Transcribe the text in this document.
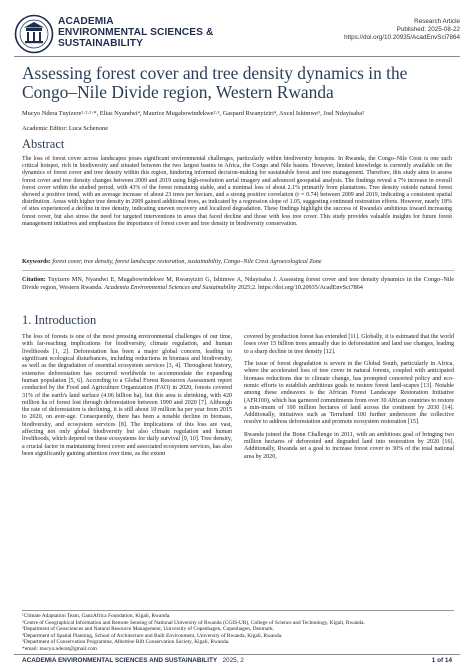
ACADEMIA
ENVIRONMENTAL SCIENCES &
SUSTAINABILITY
Research Article
Published: 2025-08-22
https://doi.org/10.20935/AcadEnvSci7864
Assessing forest cover and tree density dynamics in the Congo–Nile Divide region, Western Rwanda
Mucyo Ndera Tuyizere¹·²·³·*, Elias Nyandwi⁴, Maurice Mugabowindekwe²·³, Gaspard Rwanyiziri⁴, Axcel Ishimwe⁵, Joel Ndayisaba²
Academic Editor: Luca Schenone
Abstract
The loss of forest cover across landscapes poses significant environmental challenges, particularly within biodiversity hotspots. In Rwanda, the Congo–Nile Crest is one such critical hotspot, rich in biodiversity and situated between the two largest basins in Africa, the Congo and Nile basins. However, limited knowledge is currently available on the dynamics of forest cover and tree density within this region, hindering informed decision-making for sustainable forest and tree management. Therefore, this study aims to assess forest cover and tree density changes between 2009 and 2019 using high-resolution aerial imagery and advanced geospatial analysis. The findings reveal a 7% increase in overall forest cover within the studied period, with 43% of the forest remaining stable, and a minimal loss of about 2.1% primarily from plantations. Tree density outside natural forest showed a positive trend, with an average increase of about 23 trees per hectare, and a strong positive correlation (r = 0.74) between 2009 and 2019, indicating a consistent spatial distribution. Areas with higher tree density in 2009 gained additional trees, as indicated by a regression slope of 1.05, suggesting continued restoration efforts. However, nearly 18% of sites experienced a decline in tree density, indicating uneven recovery and localized degradation. These findings highlight the success of Rwanda's ambitious toward increasing forest cover, but also stress the need for targeted interventions in areas that faced decline and those with less tree cover. This study provides valuable insights for future forest management initiatives and emphasizes the importance of forest cover and tree density in biodiversity conservation.
Keywords: forest cover, tree density, forest landscape restoration, sustainability, Congo–Nile Crest Agroecological Zone
Citation: Tuyizere MN, Nyandwi E, Mugabowindekwe M, Rwanyiziri G, Ishimwe A, Ndayisaba J. Assessing forest cover and tree density dynamics in the Congo–Nile Divide region, Western Rwanda. Academia Environmental Sciences and Sustainability 2025;2. https://doi.org/10.20935/AcadEnvSci7864
1. Introduction

The loss of forests is one of the most pressing environmental challenges of our time, with far-reaching implications for biodiversity, climate regulation, and human livelihoods [1, 2]. Deforestation has been a major global concern, leading to significant ecological disturbances, including reductions in biomass and biodiversity, as well as the degradation of essential ecosystem services [3, 4]. Throughout history, extensive deforestation has occurred worldwide to accommodate the expanding human population [5, 6]. According to a Global Forest Resources Assessment report conducted by the Food and Agriculture Organization (FAO) in 2020, forests covered 31% of the earth's land surface (4.06 billion ha), but this area is shrinking, with 420 million ha of forest lost through deforestation between 1990 and 2020 [7]. Although the rate of deforestation is declining, it is still about 10 million ha per year from 2015 to 2020, on aver-age. Consequently, there has been a notable decline in biomass, biodiversity, and ecosystem services [8]. The implications of this loss are vast, affecting not only global biodiversity but also climate regulation and human livelihoods, which depend on these ecosystems for daily survival [9, 10]. Tree density, a crucial factor in maintaining forest cover and associated ecosystem services, has also been significantly gaining attention over time, as the extent

covered by production forest has extended [11]. Globally, it is estimated that the world loses over 15 billion trees annually due to deforestation and land use changes, leading to a sharp decline in tree density [12].

The issue of forest degradation is severe in the Global South, particularly in Africa, where the accelerated loss of tree cover in natural forests, coupled with anticipated biomass reductions due to climate change, has prompted concerted policy and eco-nomic efforts to establish ambitious goals to restore forest land-scapes [13]. Notable among these endeavors is the African Forest Landscape Restoration Initiative (AFR100), which has garnered commitments from over 30 African countries to restore a min-imum of 100 million hectares of land across the continent by 2030 [14]. Additionally, initiatives such as Terrafund 100 further underscore the collective resolve to address deforestation and promote ecosystem restoration [15].

Rwanda joined the Bonn Challenge in 2011, with an ambitious goal of bringing two million hectares of deforested and degraded land into restoration by 2020 [16]. Additionally, Rwanda set a goal to increase forest cover to 30% of the total national area by 2020,

¹Climate Adaptation Team, GanzAfrica Foundation, Kigali, Rwanda.
²Centre of Geographical Information and Remote Sensing of National University of Rwanda (CGIS-UR), College of Science and Technology, Kigali, Rwanda.
³Department of Geosciences and Natural Resource Management, University of Copenhagen, Copenhagen, Denmark.
⁴Department of Spatial Planning, School of Architecture and Built Environment, University of Rwanda, Kigali, Rwanda.
⁵Department of Conservation Programme, Albertine Rift Conservation Society, Kigali, Rwanda.
*email: mucyo.nderat@gmail.com
ACADEMIA ENVIRONMENTAL SCIENCES AND SUSTAINABILITY 2025, 2	1 of 14
